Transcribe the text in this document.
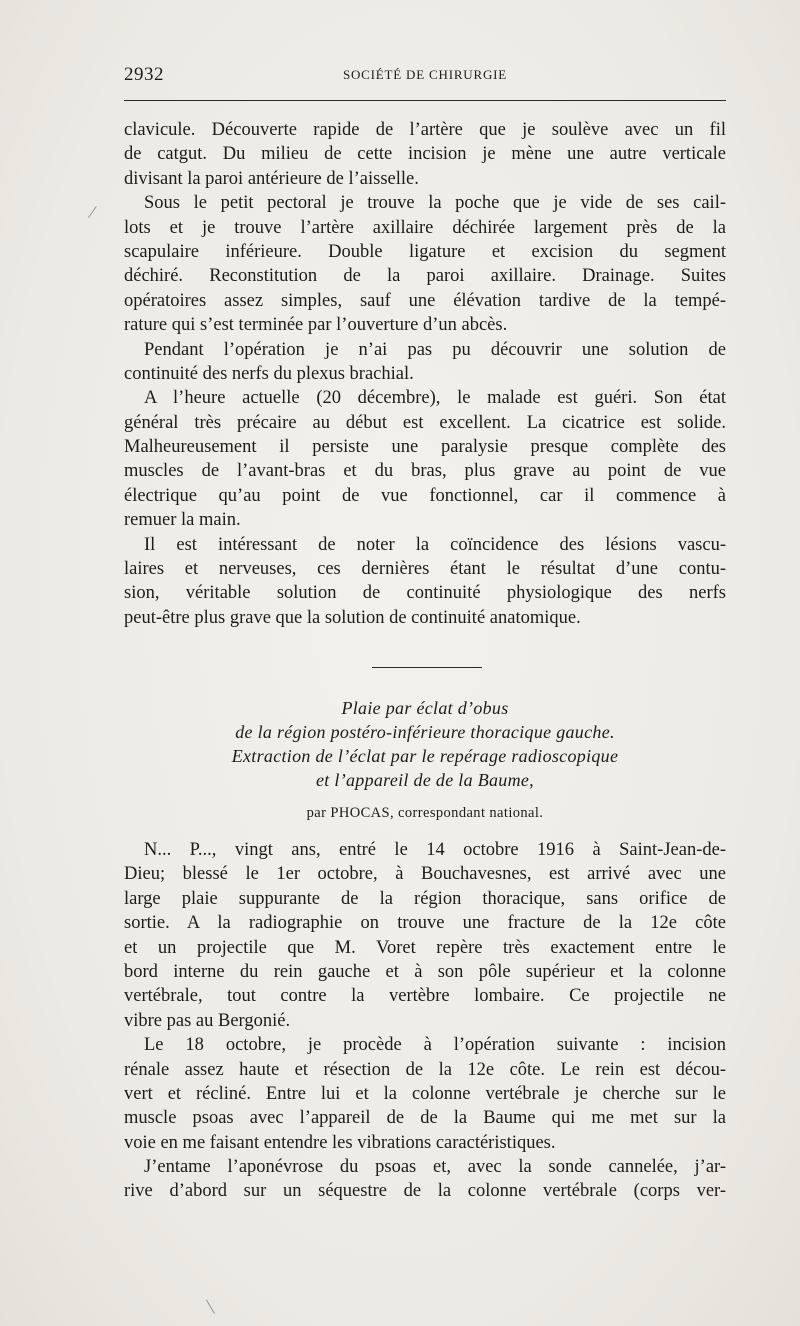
2932	SOCIÉTÉ DE CHIRURGIE
clavicule. Découverte rapide de l’artère que je soulève avec un fil
de catgut. Du milieu de cette incision je mène une autre verticale
divisant la paroi antérieure de l’aisselle.
Sous le petit pectoral je trouve la poche que je vide de ses cail-
lots et je trouve l’artère axillaire déchirée largement près de la
scapulaire inférieure. Double ligature et excision du segment
déchiré. Reconstitution de la paroi axillaire. Drainage. Suites
opératoires assez simples, sauf une élévation tardive de la tempé-
rature qui s’est terminée par l’ouverture d’un abcès.
Pendant l’opération je n’ai pas pu découvrir une solution de
continuité des nerfs du plexus brachial.
A l’heure actuelle (20 décembre), le malade est guéri. Son état
général très précaire au début est excellent. La cicatrice est solide.
Malheureusement il persiste une paralysie presque complète des
muscles de l’avant-bras et du bras, plus grave au point de vue
électrique qu’au point de vue fonctionnel, car il commence à
remuer la main.
Il est intéressant de noter la coïncidence des lésions vascu-
laires et nerveuses, ces dernières étant le résultat d’une contu-
sion, véritable solution de continuité physiologique des nerfs
peut-être plus grave que la solution de continuité anatomique.
Plaie par éclat d’obus
de la région postéro-inférieure thoracique gauche.
Extraction de l’éclat par le repérage radioscopique
et l’appareil de de la Baume,
par PHOCAS, correspondant national.
N... P..., vingt ans, entré le 14 octobre 1916 à Saint-Jean-de-
Dieu; blessé le 1er octobre, à Bouchavesnes, est arrivé avec une
large plaie suppurante de la région thoracique, sans orifice de
sortie. A la radiographie on trouve une fracture de la 12e côte
et un projectile que M. Voret repère très exactement entre le
bord interne du rein gauche et à son pôle supérieur et la colonne
vertébrale, tout contre la vertèbre lombaire. Ce projectile ne
vibre pas au Bergonié.
Le 18 octobre, je procède à l’opération suivante : incision
rénale assez haute et résection de la 12e côte. Le rein est décou-
vert et récliné. Entre lui et la colonne vertébrale je cherche sur le
muscle psoas avec l’appareil de de la Baume qui me met sur la
voie en me faisant entendre les vibrations caractéristiques.
J’entame l’aponévrose du psoas et, avec la sonde cannelée, j’ar-
rive d’abord sur un séquestre de la colonne vertébrale (corps ver-
